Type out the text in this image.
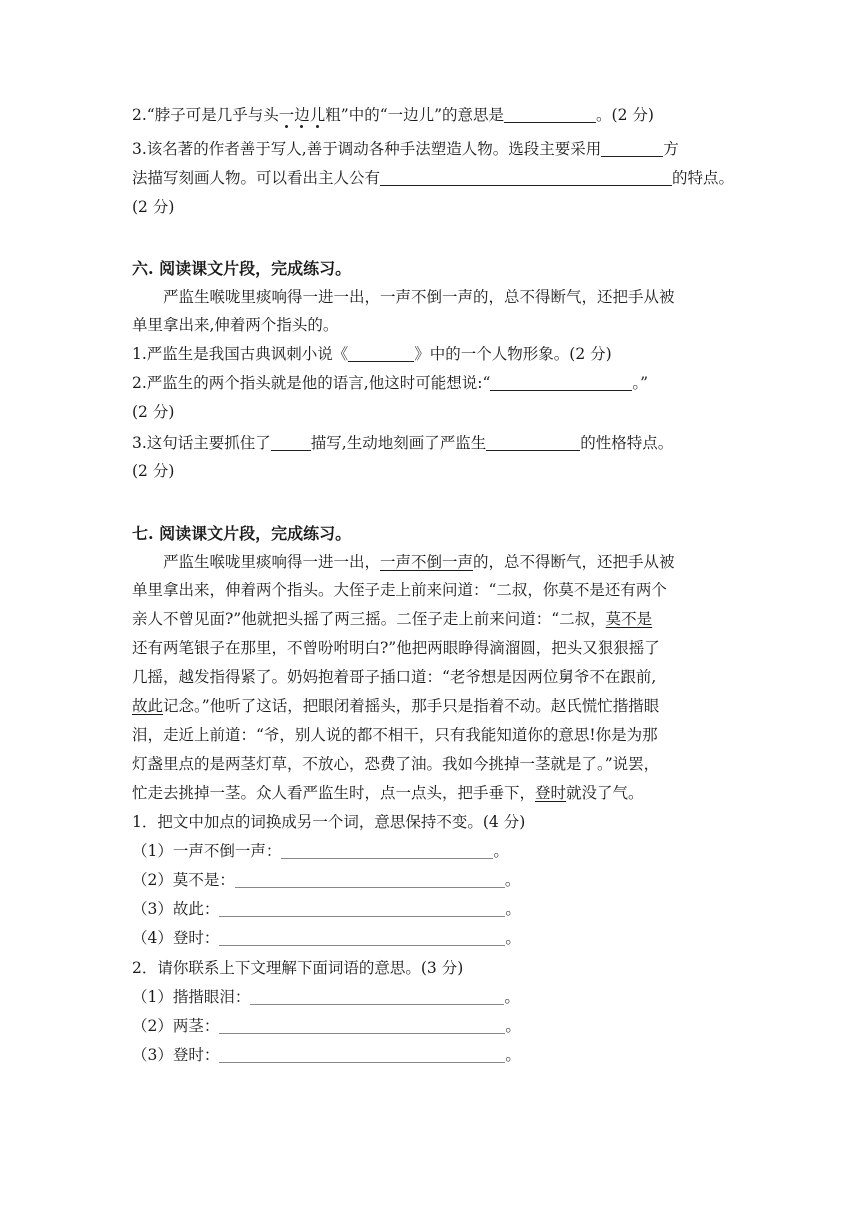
2.“脖子可是几乎与头一边儿粗”中的“一边儿”的意思是	。(2 分)
3.该名著的作者善于写人,善于调动各种手法塑造人物。选段主要采用	方
法描写刻画人物。可以看出主人公有	的特点。
(2 分)
六. 阅读课文片段，完成练习。
严监生喉咙里痰响得一进一出，一声不倒一声的，总不得断气，还把手从被
单里拿出来,伸着两个指头的。
1.严监生是我国古典讽刺小说《	》中的一个人物形象。(2 分)
2.严监生的两个指头就是他的语言,他这时可能想说:“	。”
(2 分)
3.这句话主要抓住了	描写,生动地刻画了严监生	的性格特点。
(2 分)
七. 阅读课文片段，完成练习。
严监生喉咙里痰响得一进一出，一声不倒一声的，总不得断气，还把手从被
单里拿出来，伸着两个指头。大侄子走上前来问道：“二叔，你莫不是还有两个
亲人不曾见面?”他就把头摇了两三摇。二侄子走上前来问道：“二叔，莫不是
还有两笔银子在那里，不曾吩咐明白?”他把两眼睁得滴溜圆，把头又狠狠摇了
几摇，越发指得紧了。奶妈抱着哥子插口道：“老爷想是因两位舅爷不在跟前,
故此记念。”他听了这话，把眼闭着摇头，那手只是指着不动。赵氏慌忙揩揩眼
泪，走近上前道：“爷，别人说的都不相干，只有我能知道你的意思!你是为那
灯盏里点的是两茎灯草，不放心，恐费了油。我如今挑掉一茎就是了。”说罢，
忙走去挑掉一茎。众人看严监生时，点一点头，把手垂下，登时就没了气。
1．把文中加点的词换成另一个词，意思保持不变。(4 分)
（1）一声不倒一声：	。
（2）莫不是：	。
（3）故此：	。
（4）登时：	。
2．请你联系上下文理解下面词语的意思。(3 分)
（1）揩揩眼泪：	。
（2）两茎：	。
（3）登时：	。
